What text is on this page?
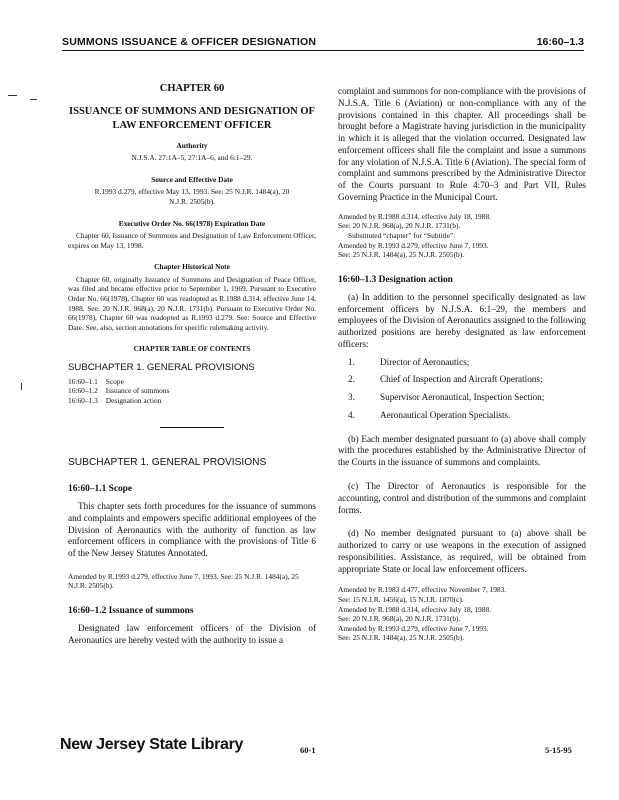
SUMMONS ISSUANCE & OFFICER DESIGNATION	16:60–1.3

CHAPTER 60

ISSUANCE OF SUMMONS AND DESIGNATION OF LAW ENFORCEMENT OFFICER

Authority

N.J.S.A. 27:1A–5, 27:1A–6, and 6:1–29.

Source and Effective Date

R.1993 d.279, effective May 13, 1993. See: 25 N.J.R. 1484(a), 20 N.J.R. 2505(b).

Executive Order No. 66(1978) Expiration Date

Chapter 60, Issuance of Summons and Designation of Law Enforcement Officer, expires on May 13, 1998.

Chapter Historical Note

Chapter 60, originally Issuance of Summons and Designation of Peace Officer, was filed and became effective prior to September 1, 1969. Pursuant to Executive Order No. 66(1978), Chapter 60 was readopted as R.1988 d.314, effective June 14, 1988. See: 20 N.J.R. 968(a), 20 N.J.R. 1731(b). Pursuant to Executive Order No. 66(1978), Chapter 60 was readopted as R.1993 d.279. See: Source and Effective Date. See, also, section annotations for specific rulemaking activity.

CHAPTER TABLE OF CONTENTS

SUBCHAPTER 1. GENERAL PROVISIONS

16:60–1.1	Scope
16:60–1.2	Issuance of summons
16:60–1.3	Designation action

SUBCHAPTER 1. GENERAL PROVISIONS

16:60–1.1 Scope

This chapter sets forth procedures for the issuance of summons and complaints and empowers specific additional employees of the Division of Aeronautics with the authority of function as law enforcement officers in compliance with the provisions of Title 6 of the New Jersey Statutes Annotated.

Amended by R.1993 d.279, effective June 7, 1993. See: 25 N.J.R. 1484(a), 25 N.J.R. 2505(b).

16:60–1.2 Issuance of summons

Designated law enforcement officers of the Division of Aeronautics are hereby vested with the authority to issue a

complaint and summons for non-compliance with the provisions of N.J.S.A. Title 6 (Aviation) or non-compliance with any of the provisions contained in this chapter. All proceedings shall be brought before a Magistrate having jurisdiction in the municipality in which it is alleged that the violation occurred. Designated law enforcement officers shall file the complaint and issue a summons for any violation of N.J.S.A. Title 6 (Aviation). The special form of complaint and summons prescribed by the Administrative Director of the Courts pursuant to Rule 4:70–3 and Part VII, Rules Governing Practice in the Municipal Court.

Amended by R.1988 d.314, effective July 18, 1988.

See: 20 N.J.R. 968(a), 20 N.J.R. 1731(b).

Substituted “chapter” for “Subtitle”.

Amended by R.1993 d.279, effective June 7, 1993.

See: 25 N.J.R. 1484(a), 25 N.J.R. 2505(b).

16:60–1.3 Designation action

(a) In addition to the personnel specifically designated as law enforcement officers by N.J.S.A. 6:1–29, the members and employees of the Division of Aeronautics assigned to the following authorized positions are hereby designated as law enforcement officers:

1.	Director of Aeronautics;
2.	Chief of Inspection and Aircraft Operations;
3.	Supervisor Aeronautical, Inspection Section;
4.	Aeronautical Operation Specialists.

(b) Each member designated pursuant to (a) above shall comply with the procedures established by the Administrative Director of the Courts in the issuance of summons and complaints.

(c) The Director of Aeronautics is responsible for the accounting, control and distribution of the summons and complaint forms.

(d) No member designated pursuant to (a) above shall be authorized to carry or use weapons in the execution of assigned responsibilities. Assistance, as required, will be obtained from appropriate State or local law enforcement officers.

Amended by R.1983 d.477, effective November 7, 1983.

See: 15 N.J.R. 1456(a), 15 N.J.R. 1870(c).

Amended by R.1988 d.314, effective July 18, 1988.

See: 20 N.J.R. 968(a), 20 N.J.R. 1731(b).

Amended by R.1993 d.279, effective June 7, 1993.

See: 25 N.J.R. 1484(a), 25 N.J.R. 2505(b).

New Jersey State Library	60-1	5-15-95
